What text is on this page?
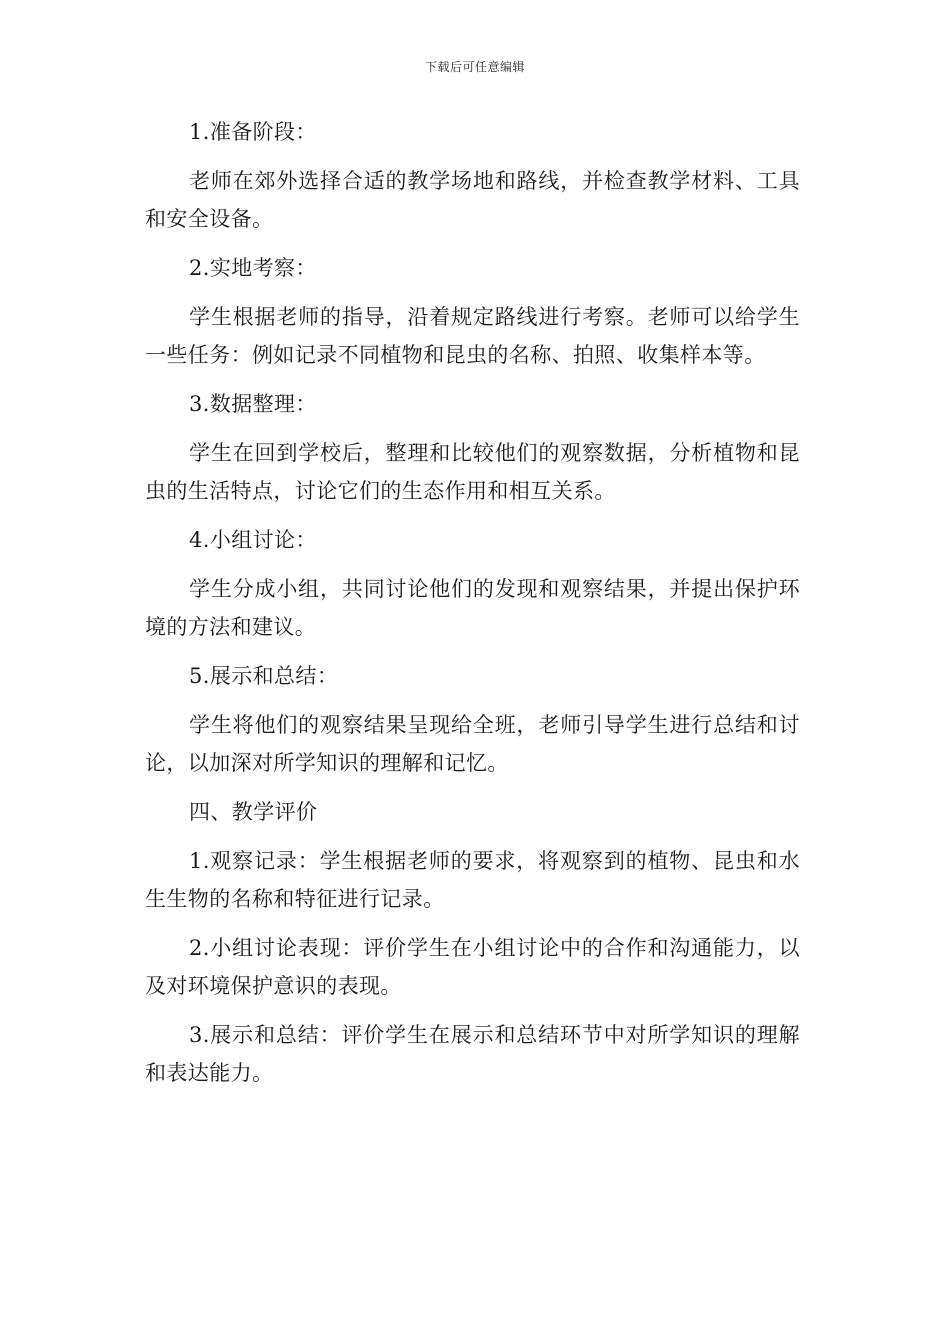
下载后可任意编辑

1.准备阶段：

老师在郊外选择合适的教学场地和路线，并检查教学材料、工具和安全设备。

2.实地考察：

学生根据老师的指导，沿着规定路线进行考察。老师可以给学生一些任务：例如记录不同植物和昆虫的名称、拍照、收集样本等。

3.数据整理：

学生在回到学校后，整理和比较他们的观察数据，分析植物和昆虫的生活特点，讨论它们的生态作用和相互关系。

4.小组讨论：

学生分成小组，共同讨论他们的发现和观察结果，并提出保护环境的方法和建议。

5.展示和总结：

学生将他们的观察结果呈现给全班，老师引导学生进行总结和讨论，以加深对所学知识的理解和记忆。

四、教学评价

1.观察记录：学生根据老师的要求，将观察到的植物、昆虫和水生生物的名称和特征进行记录。

2.小组讨论表现：评价学生在小组讨论中的合作和沟通能力，以及对环境保护意识的表现。

3.展示和总结：评价学生在展示和总结环节中对所学知识的理解和表达能力。
